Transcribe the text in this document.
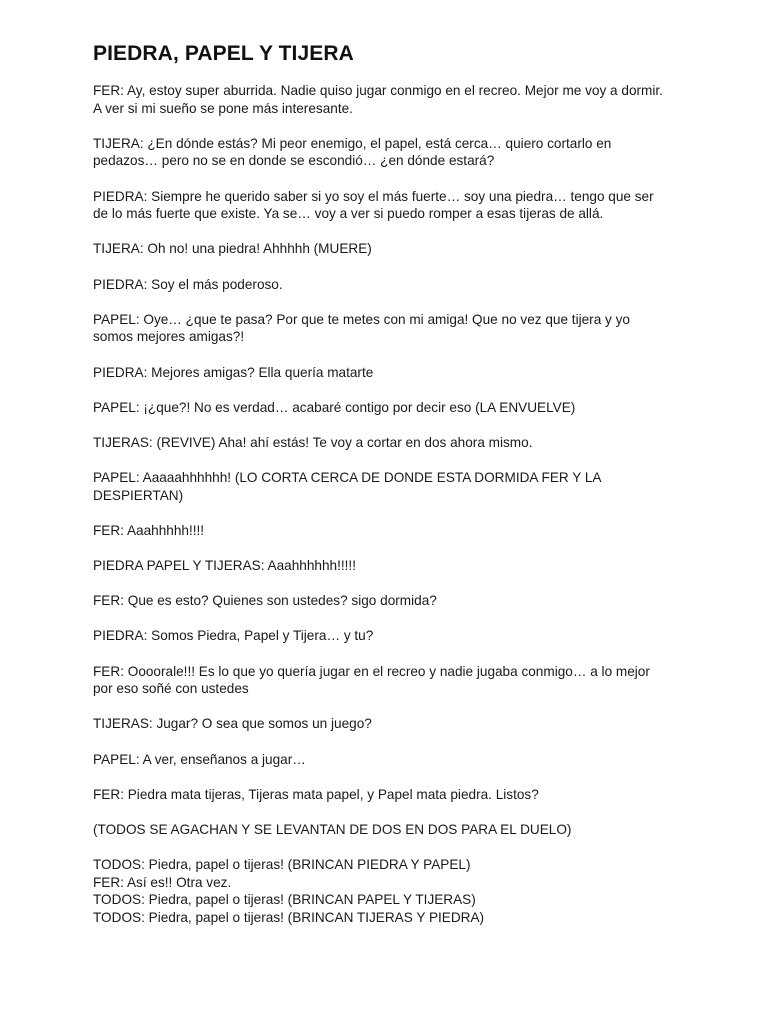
PIEDRA, PAPEL Y TIJERA

FER: Ay, estoy super aburrida. Nadie quiso jugar conmigo en el recreo. Mejor me voy a dormir.
A ver si mi sueño se pone más interesante.

TIJERA: ¿En dónde estás? Mi peor enemigo, el papel, está cerca… quiero cortarlo en
pedazos… pero no se en donde se escondió… ¿en dónde estará?

PIEDRA: Siempre he querido saber si yo soy el más fuerte… soy una piedra… tengo que ser
de lo más fuerte que existe. Ya se… voy a ver si puedo romper a esas tijeras de allá.

TIJERA: Oh no! una piedra! Ahhhhh (MUERE)

PIEDRA: Soy el más poderoso.

PAPEL: Oye… ¿que te pasa? Por que te metes con mi amiga! Que no vez que tijera y yo
somos mejores amigas?!

PIEDRA: Mejores amigas? Ella quería matarte

PAPEL: ¡¿que?! No es verdad… acabaré contigo por decir eso (LA ENVUELVE)

TIJERAS: (REVIVE) Aha! ahí estás! Te voy a cortar en dos ahora mismo.

PAPEL: Aaaaahhhhhh! (LO CORTA CERCA DE DONDE ESTA DORMIDA FER Y LA
DESPIERTAN)

FER: Aaahhhhh!!!!

PIEDRA PAPEL Y TIJERAS: Aaahhhhhh!!!!!

FER: Que es esto? Quienes son ustedes? sigo dormida?

PIEDRA: Somos Piedra, Papel y Tijera… y tu?

FER: Oooorale!!! Es lo que yo quería jugar en el recreo y nadie jugaba conmigo… a lo mejor
por eso soñé con ustedes

TIJERAS: Jugar? O sea que somos un juego?

PAPEL: A ver, enseñanos a jugar…

FER: Piedra mata tijeras, Tijeras mata papel, y Papel mata piedra. Listos?

(TODOS SE AGACHAN Y SE LEVANTAN DE DOS EN DOS PARA EL DUELO)

TODOS: Piedra, papel o tijeras! (BRINCAN PIEDRA Y PAPEL)
FER: Así es!! Otra vez.
TODOS: Piedra, papel o tijeras! (BRINCAN PAPEL Y TIJERAS)
TODOS: Piedra, papel o tijeras! (BRINCAN TIJERAS Y PIEDRA)
